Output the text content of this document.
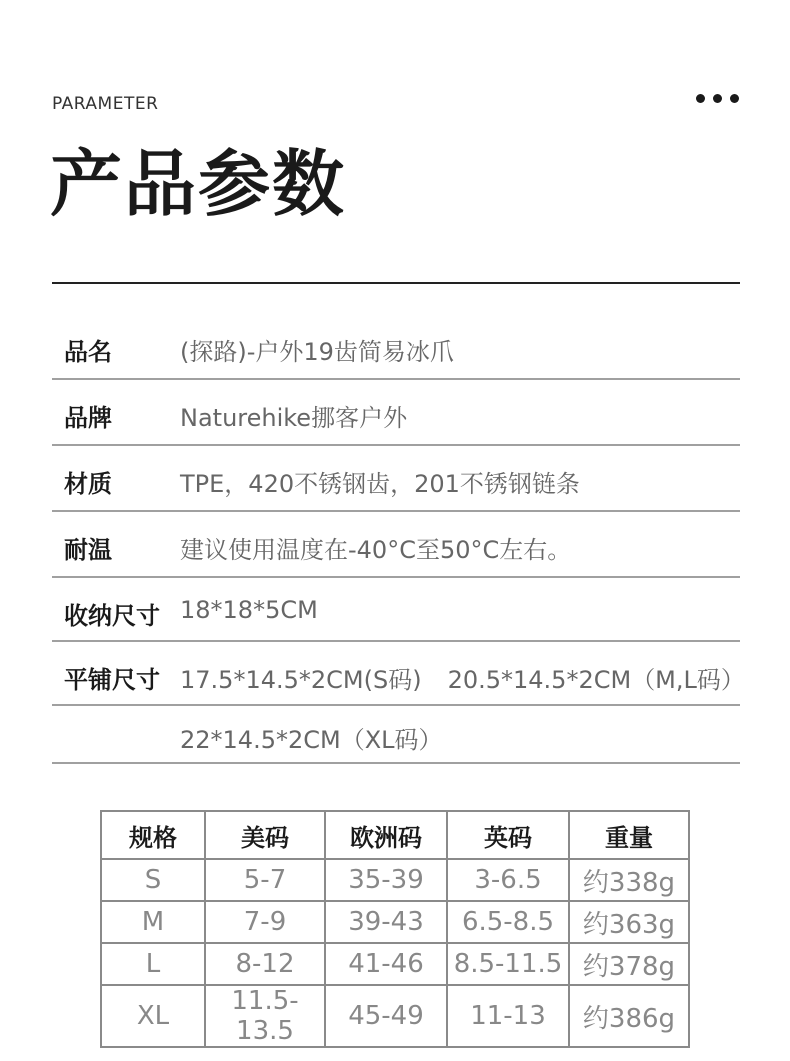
PARAMETER
产品参数
品名	(探路)-户外19齿简易冰爪
品牌	Naturehike挪客户外
材质	TPE，420不锈钢齿，201不锈钢链条
耐温	建议使用温度在-40°C至50°C左右。
收纳尺寸 18*18*5CM
平铺尺寸 17.5*14.5*2CM(S码) 20.5*14.5*2CM（M,L码）
22*14.5*2CM（XL码）
规格	美码	欧洲码	英码	重量
S	5-7	35-39	3-6.5	约338g
M	7-9	39-43	6.5-8.5	约363g
L	8-12	41-46	8.5-11.5	约378g
XL	11.5-13.5	45-49	11-13	约386g
